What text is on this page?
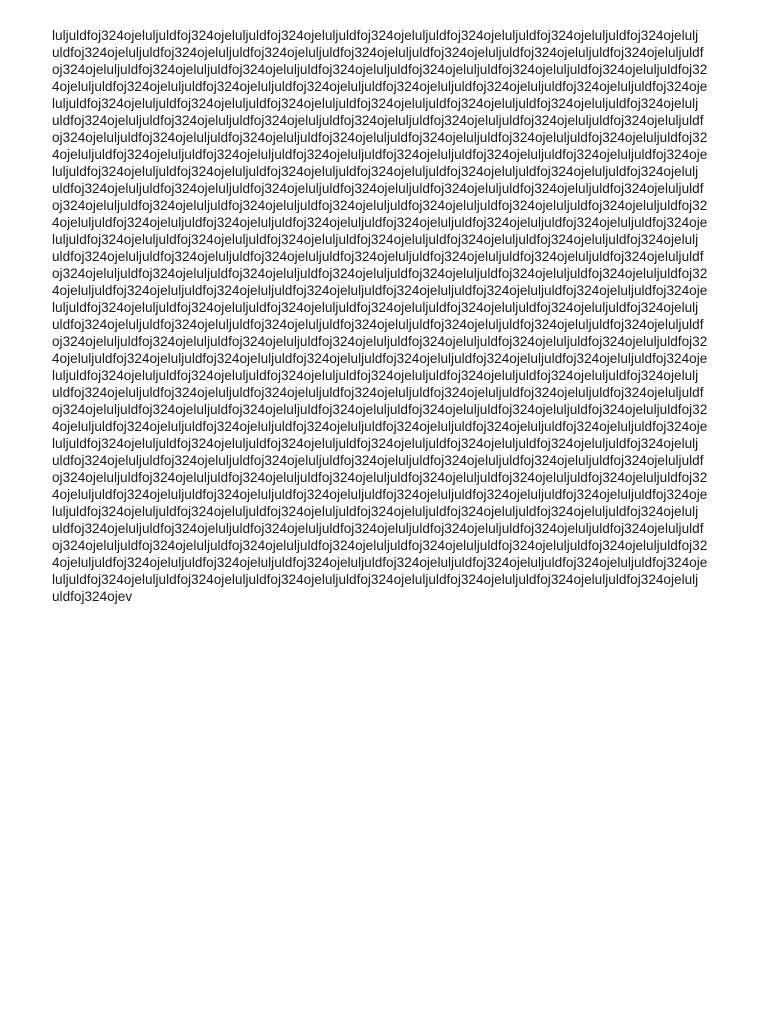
luljuldfoj324ojeluljuldfoj324ojeluljuldfoj324ojeluljuldfoj324ojeluljuldfoj324ojeluljuldfoj324ojeluljuldfoj324ojelulj
uldfoj324ojeluljuldfoj324ojeluljuldfoj324ojeluljuldfoj324ojeluljuldfoj324ojeluljuldfoj324ojeluljuldfoj324ojeluljuldf
oj324ojeluljuldfoj324ojeluljuldfoj324ojeluljuldfoj324ojeluljuldfoj324ojeluljuldfoj324ojeluljuldfoj324ojeluljuldfoj32
4ojeluljuldfoj324ojeluljuldfoj324ojeluljuldfoj324ojeluljuldfoj324ojeluljuldfoj324ojeluljuldfoj324ojeluljuldfoj324oje
luljuldfoj324ojeluljuldfoj324ojeluljuldfoj324ojeluljuldfoj324ojeluljuldfoj324ojeluljuldfoj324ojeluljuldfoj324ojelulj
uldfoj324ojeluljuldfoj324ojeluljuldfoj324ojeluljuldfoj324ojeluljuldfoj324ojeluljuldfoj324ojeluljuldfoj324ojeluljuldf
oj324ojeluljuldfoj324ojeluljuldfoj324ojeluljuldfoj324ojeluljuldfoj324ojeluljuldfoj324ojeluljuldfoj324ojeluljuldfoj32
4ojeluljuldfoj324ojeluljuldfoj324ojeluljuldfoj324ojeluljuldfoj324ojeluljuldfoj324ojeluljuldfoj324ojeluljuldfoj324oje
luljuldfoj324ojeluljuldfoj324ojeluljuldfoj324ojeluljuldfoj324ojeluljuldfoj324ojeluljuldfoj324ojeluljuldfoj324ojelulj
uldfoj324ojeluljuldfoj324ojeluljuldfoj324ojeluljuldfoj324ojeluljuldfoj324ojeluljuldfoj324ojeluljuldfoj324ojeluljuldf
oj324ojeluljuldfoj324ojeluljuldfoj324ojeluljuldfoj324ojeluljuldfoj324ojeluljuldfoj324ojeluljuldfoj324ojeluljuldfoj32
4ojeluljuldfoj324ojeluljuldfoj324ojeluljuldfoj324ojeluljuldfoj324ojeluljuldfoj324ojeluljuldfoj324ojeluljuldfoj324oje
luljuldfoj324ojeluljuldfoj324ojeluljuldfoj324ojeluljuldfoj324ojeluljuldfoj324ojeluljuldfoj324ojeluljuldfoj324ojelulj
uldfoj324ojeluljuldfoj324ojeluljuldfoj324ojeluljuldfoj324ojeluljuldfoj324ojeluljuldfoj324ojeluljuldfoj324ojeluljuldf
oj324ojeluljuldfoj324ojeluljuldfoj324ojeluljuldfoj324ojeluljuldfoj324ojeluljuldfoj324ojeluljuldfoj324ojeluljuldfoj32
4ojeluljuldfoj324ojeluljuldfoj324ojeluljuldfoj324ojeluljuldfoj324ojeluljuldfoj324ojeluljuldfoj324ojeluljuldfoj324oje
luljuldfoj324ojeluljuldfoj324ojeluljuldfoj324ojeluljuldfoj324ojeluljuldfoj324ojeluljuldfoj324ojeluljuldfoj324ojelulj
uldfoj324ojeluljuldfoj324ojeluljuldfoj324ojeluljuldfoj324ojeluljuldfoj324ojeluljuldfoj324ojeluljuldfoj324ojeluljuldf
oj324ojeluljuldfoj324ojeluljuldfoj324ojeluljuldfoj324ojeluljuldfoj324ojeluljuldfoj324ojeluljuldfoj324ojeluljuldfoj32
4ojeluljuldfoj324ojeluljuldfoj324ojeluljuldfoj324ojeluljuldfoj324ojeluljuldfoj324ojeluljuldfoj324ojeluljuldfoj324oje
luljuldfoj324ojeluljuldfoj324ojeluljuldfoj324ojeluljuldfoj324ojeluljuldfoj324ojeluljuldfoj324ojeluljuldfoj324ojelulj
uldfoj324ojeluljuldfoj324ojeluljuldfoj324ojeluljuldfoj324ojeluljuldfoj324ojeluljuldfoj324ojeluljuldfoj324ojeluljuldf
oj324ojeluljuldfoj324ojeluljuldfoj324ojeluljuldfoj324ojeluljuldfoj324ojeluljuldfoj324ojeluljuldfoj324ojeluljuldfoj32
4ojeluljuldfoj324ojeluljuldfoj324ojeluljuldfoj324ojeluljuldfoj324ojeluljuldfoj324ojeluljuldfoj324ojeluljuldfoj324oje
luljuldfoj324ojeluljuldfoj324ojeluljuldfoj324ojeluljuldfoj324ojeluljuldfoj324ojeluljuldfoj324ojeluljuldfoj324ojelulj
uldfoj324ojeluljuldfoj324ojeluljuldfoj324ojeluljuldfoj324ojeluljuldfoj324ojeluljuldfoj324ojeluljuldfoj324ojeluljuldf
oj324ojeluljuldfoj324ojeluljuldfoj324ojeluljuldfoj324ojeluljuldfoj324ojeluljuldfoj324ojeluljuldfoj324ojeluljuldfoj32
4ojeluljuldfoj324ojeluljuldfoj324ojeluljuldfoj324ojeluljuldfoj324ojeluljuldfoj324ojeluljuldfoj324ojeluljuldfoj324oje
luljuldfoj324ojeluljuldfoj324ojeluljuldfoj324ojeluljuldfoj324ojeluljuldfoj324ojeluljuldfoj324ojeluljuldfoj324ojelulj
uldfoj324ojeluljuldfoj324ojeluljuldfoj324ojeluljuldfoj324ojeluljuldfoj324ojeluljuldfoj324ojeluljuldfoj324ojeluljuldf
oj324ojeluljuldfoj324ojeluljuldfoj324ojeluljuldfoj324ojeluljuldfoj324ojeluljuldfoj324ojeluljuldfoj324ojeluljuldfoj32
4ojeluljuldfoj324ojeluljuldfoj324ojeluljuldfoj324ojeluljuldfoj324ojeluljuldfoj324ojeluljuldfoj324ojeluljuldfoj324oje
luljuldfoj324ojeluljuldfoj324ojeluljuldfoj324ojeluljuldfoj324ojeluljuldfoj324ojeluljuldfoj324ojeluljuldfoj324ojelulj
uldfoj324ojev
